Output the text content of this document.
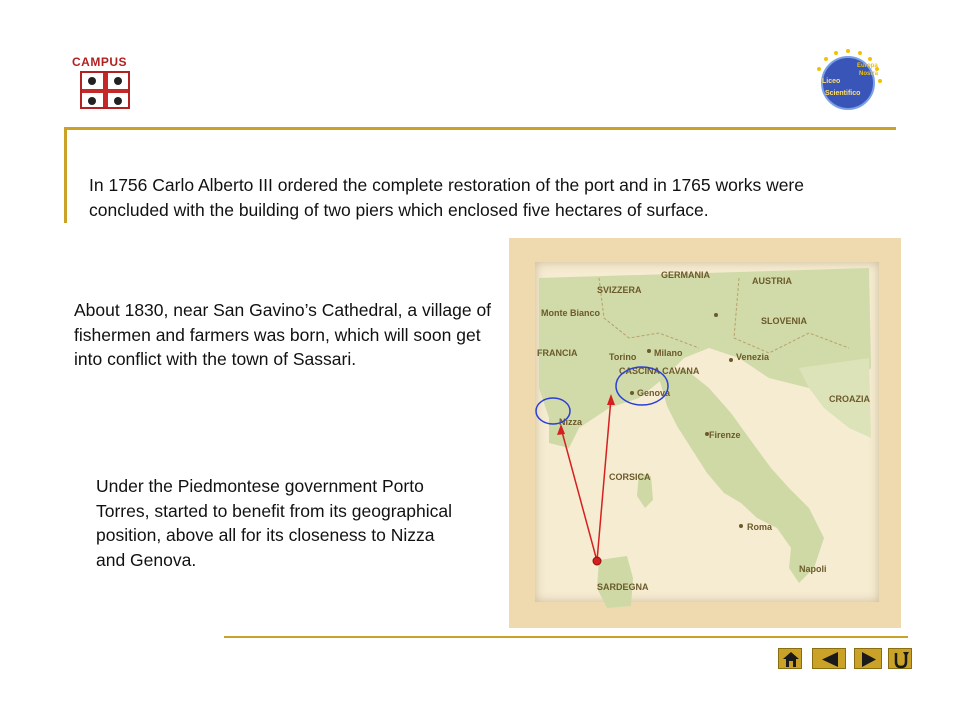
CAMPUS	Europa
Nostra
Liceo
Scientifico
In 1756 Carlo Alberto III ordered the complete restoration of the port and in 1765 works were concluded with the building of two piers which enclosed five hectares of surface.
About 1830, near San Gavino’s Cathedral, a village of fishermen and farmers was born, which will soon get into conflict with the town of Sassari.
Under the Piedmontese government Porto Torres, started to benefit from its geographical position, above all for its closeness to Nizza and Genova.
GERMANIA
SVIZZERA
AUSTRIA
Monte Bianco
SLOVENIA
FRANCIA	Torino Milano	Venezia
CASCINA CAVANA
Genova
CROAZIA
Nizza
Firenze
CORSICA
Roma
Napoli
SARDEGNA
